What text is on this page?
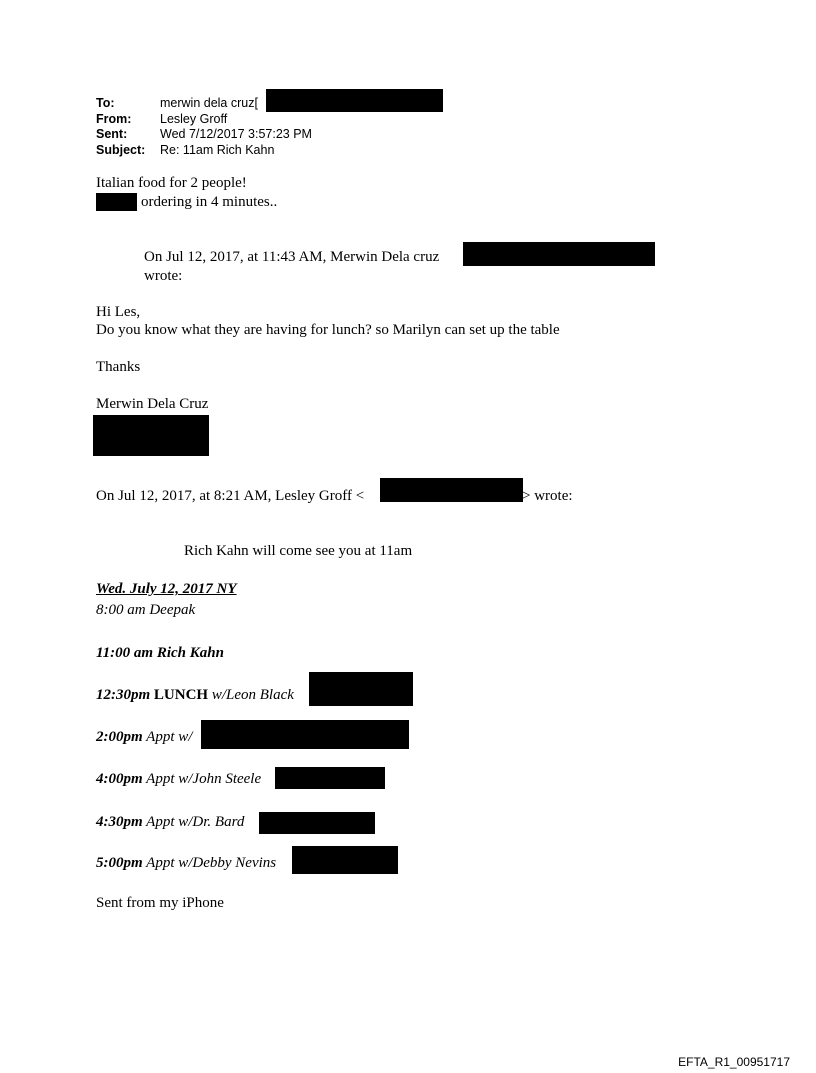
To:	merwin dela cruz[
From:	Lesley Groff
Sent:	Wed 7/12/2017 3:57:23 PM
Subject:	Re: 11am Rich Kahn
Italian food for 2 people!
ordering in 4 minutes..
On Jul 12, 2017, at 11:43 AM, Merwin Dela cruz
wrote:
Hi Les,
Do you know what they are having for lunch? so Marilyn can set up the table
Thanks
Merwin Dela Cruz
On Jul 12, 2017, at 8:21 AM, Lesley Groff <	> wrote:
Rich Kahn will come see you at 11am
Wed. July 12, 2017 NY
8:00 am Deepak
11:00 am Rich Kahn
12:30pm LUNCH w/Leon Black
2:00pm Appt w/
4:00pm Appt w/John Steele
4:30pm Appt w/Dr. Bard
5:00pm Appt w/Debby Nevins
Sent from my iPhone
EFTA_R1_00951717
